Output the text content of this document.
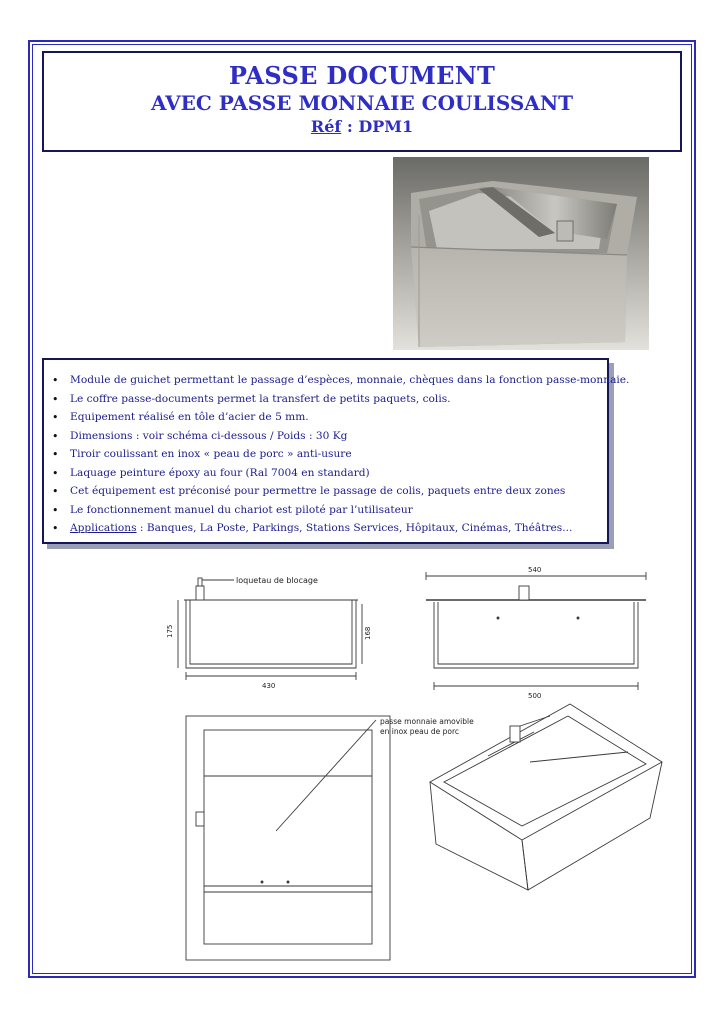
PASSE DOCUMENT
AVEC PASSE MONNAIE COULISSANT
Réf : DPM1
• Module de guichet permettant le passage d’espèces, monnaie, chèques dans la fonction passe-monnaie.
• Le coffre passe-documents permet la transfert de petits paquets, colis.
• Equipement réalisé en tôle d’acier de 5 mm.
• Dimensions : voir schéma ci-dessous / Poids : 30 Kg
• Tiroir coulissant en inox « peau de porc » anti-usure
• Laquage peinture époxy au four (Ral 7004 en standard)
• Cet équipement est préconisé pour permettre le passage de colis, paquets entre deux zones
• Le fonctionnement manuel du chariot est piloté par l’utilisateur
• Applications : Banques, La Poste, Parkings, Stations Services, Hôpitaux, Cinémas, Théâtres...
loquetau de blocage
passe monnaie amovible
en inox peau de porc
175	168
430
540
500
